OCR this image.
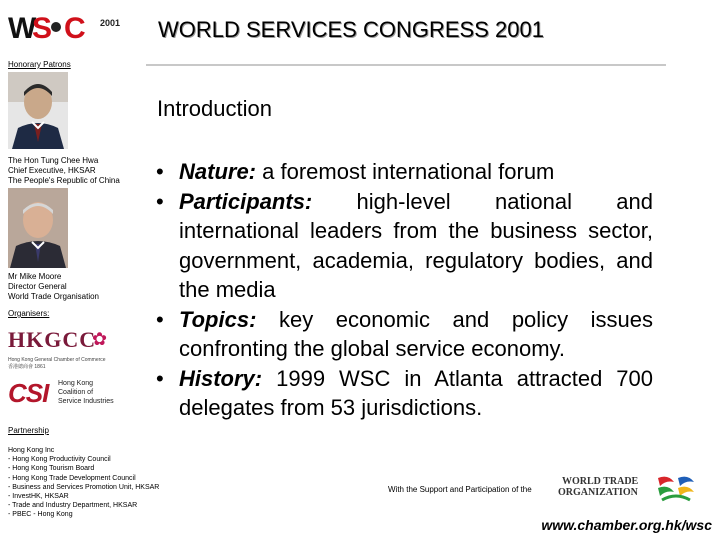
W
S C 2001 WORLD SERVICES CONGRESS 2001
Honorary Patrons
The Hon Tung Chee Hwa
Chief Executive, HKSAR
The People's Republic of China
Mr Mike Moore
Director General
World Trade Organisation
Organisers:
HKGCC
✿
Hong Kong General Chamber of Commerce
香港總商會 1861
CSI Hong Kong
Coalition of
Service Industries
Partnership
Hong Kong Inc
- Hong Kong Productivity Council
- Hong Kong Tourism Board
- Hong Kong Trade Development Council
- Business and Services Promotion Unit, HKSAR
- InvestHK, HKSAR
- Trade and Industry Department, HKSAR
- PBEC - Hong Kong
Introduction
• Nature: a foremost international forum
• Participants: high-level national and international leaders from the business sector, government, academia, regulatory bodies, and the media
• Topics: key economic and policy issues confronting the global service economy.
• History: 1999 WSC in Atlanta attracted 700 delegates from 53 jurisdictions.
With the Support and Participation of the
WORLD TRADE
ORGANIZATION
www.chamber.org.hk/wsc
